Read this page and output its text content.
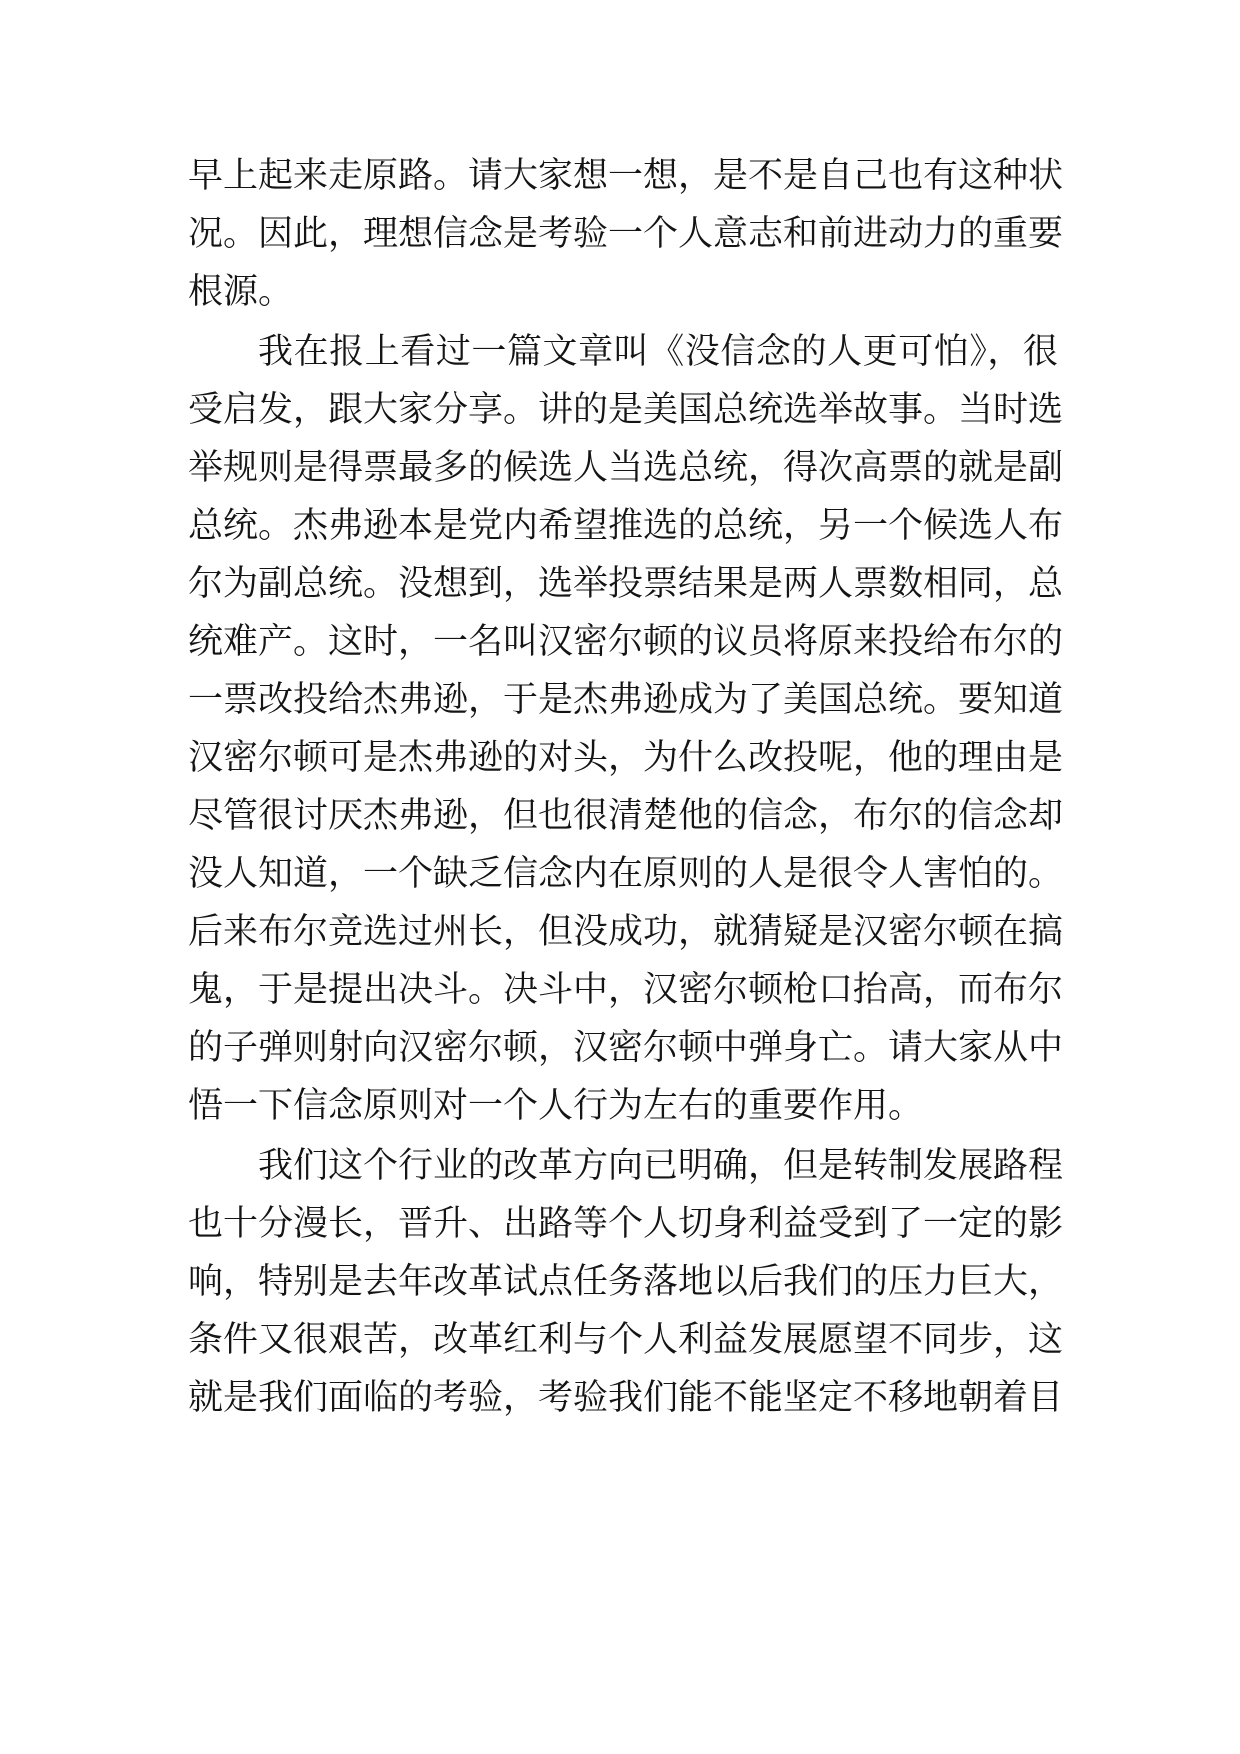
早上起来走原路。请大家想一想，是不是自己也有这种状

况。因此，理想信念是考验一个人意志和前进动力的重要

根源。

我在报上看过一篇文章叫《没信念的人更可怕》，很

受启发，跟大家分享。讲的是美国总统选举故事。当时选

举规则是得票最多的候选人当选总统，得次高票的就是副

总统。杰弗逊本是党内希望推选的总统，另一个候选人布

尔为副总统。没想到，选举投票结果是两人票数相同，总

统难产。这时，一名叫汉密尔顿的议员将原来投给布尔的

一票改投给杰弗逊，于是杰弗逊成为了美国总统。要知道

汉密尔顿可是杰弗逊的对头，为什么改投呢，他的理由是

尽管很讨厌杰弗逊，但也很清楚他的信念，布尔的信念却

没人知道，一个缺乏信念内在原则的人是很令人害怕的。

后来布尔竞选过州长，但没成功，就猜疑是汉密尔顿在搞

鬼，于是提出决斗。决斗中，汉密尔顿枪口抬高，而布尔

的子弹则射向汉密尔顿，汉密尔顿中弹身亡。请大家从中

悟一下信念原则对一个人行为左右的重要作用。

我们这个行业的改革方向已明确，但是转制发展路程

也十分漫长，晋升、出路等个人切身利益受到了一定的影

响，特别是去年改革试点任务落地以后我们的压力巨大，

条件又很艰苦，改革红利与个人利益发展愿望不同步，这

就是我们面临的考验，考验我们能不能坚定不移地朝着目
